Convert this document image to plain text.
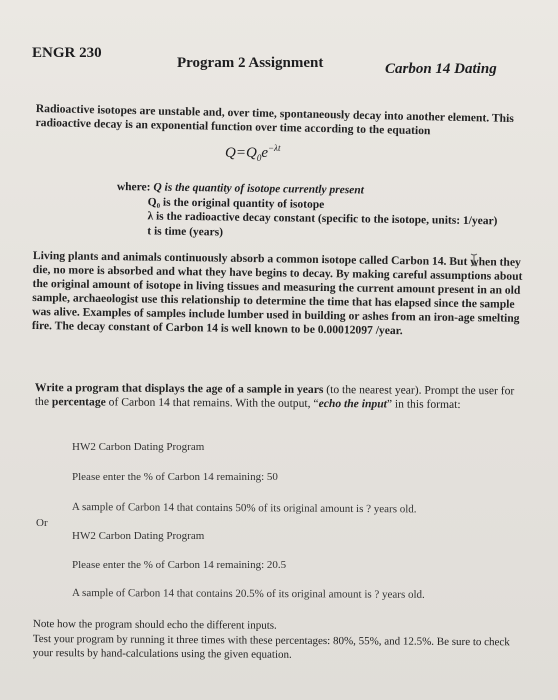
ENGR 230
Program 2 Assignment	Carbon 14 Dating
Radioactive isotopes are unstable and, over time, spontaneously decay into another element. This radioactive decay is an exponential function over time according to the equation
$Q=Q_0e^{-\lambda t}$
where: Q is the quantity of isotope currently present
Q₀ is the original quantity of isotope
λ is the radioactive decay constant (specific to the isotope, units: 1/year)
t is time (years)
Living plants and animals continuously absorb a common isotope called Carbon 14. But when they die, no more is absorbed and what they have begins to decay. By making careful assumptions about the original amount of isotope in living tissues and measuring the current amount present in an old sample, archaeologist use this relationship to determine the time that has elapsed since the sample was alive. Examples of samples include lumber used in building or ashes from an iron-age smelting fire. The decay constant of Carbon 14 is well known to be 0.00012097 /year.
Write a program that displays the age of a sample in years (to the nearest year). Prompt the user for the percentage of Carbon 14 that remains. With the output, “echo the input” in this format:
HW2 Carbon Dating Program
Please enter the % of Carbon 14 remaining: 50
A sample of Carbon 14 that contains 50% of its original amount is ? years old.
Or
HW2 Carbon Dating Program
Please enter the % of Carbon 14 remaining: 20.5
A sample of Carbon 14 that contains 20.5% of its original amount is ? years old.
Note how the program should echo the different inputs.
Test your program by running it three times with these percentages: 80%, 55%, and 12.5%. Be sure to check your results by hand-calculations using the given equation.
